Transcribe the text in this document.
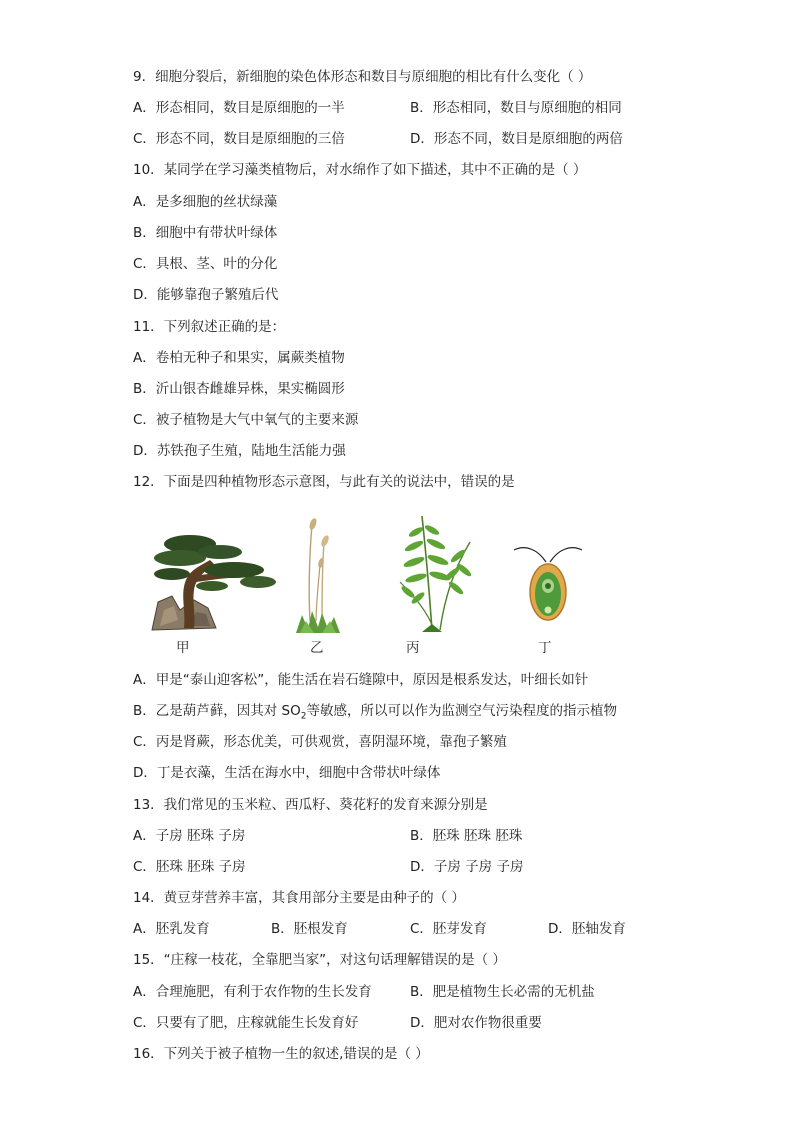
9．细胞分裂后，新细胞的染色体形态和数目与原细胞的相比有什么变化（ ）
A．形态相同，数目是原细胞的一半	B．形态相同，数目与原细胞的相同
C．形态不同，数目是原细胞的三倍	D．形态不同，数目是原细胞的两倍
10．某同学在学习藻类植物后，对水绵作了如下描述，其中不正确的是（ ）
A．是多细胞的丝状绿藻
B．细胞中有带状叶绿体
C．具根、茎、叶的分化
D．能够靠孢子繁殖后代
11．下列叙述正确的是：
A．卷柏无种子和果实，属蕨类植物
B．沂山银杏雌雄异株，果实椭圆形
C．被子植物是大气中氧气的主要来源
D．苏铁孢子生殖，陆地生活能力强
12．下面是四种植物形态示意图，与此有关的说法中，错误的是
甲	乙	丙	丁
A．甲是“泰山迎客松”，能生活在岩石缝隙中，原因是根系发达，叶细长如针
B．乙是葫芦藓，因其对 $SO_2$等敏感，所以可以作为监测空气污染程度的指示植物
C．丙是肾蕨，形态优美，可供观赏，喜阴湿环境，靠孢子繁殖
D．丁是衣藻，生活在海水中，细胞中含带状叶绿体
13．我们常见的玉米粒、西瓜籽、葵花籽的发育来源分别是
A．子房 胚珠 子房	B．胚珠 胚珠 胚珠
C．胚珠 胚珠 子房	D．子房 子房 子房
14．黄豆芽营养丰富，其食用部分主要是由种子的（ ）
A．胚乳发育	B．胚根发育	C．胚芽发育	D．胚轴发育
15．“庄稼一枝花，全靠肥当家”，对这句话理解错误的是（ ）
A．合理施肥，有利于农作物的生长发育	B．肥是植物生长必需的无机盐
C．只要有了肥，庄稼就能生长发育好	D．肥对农作物很重要
16．下列关于被子植物一生的叙述,错误的是（ ）
